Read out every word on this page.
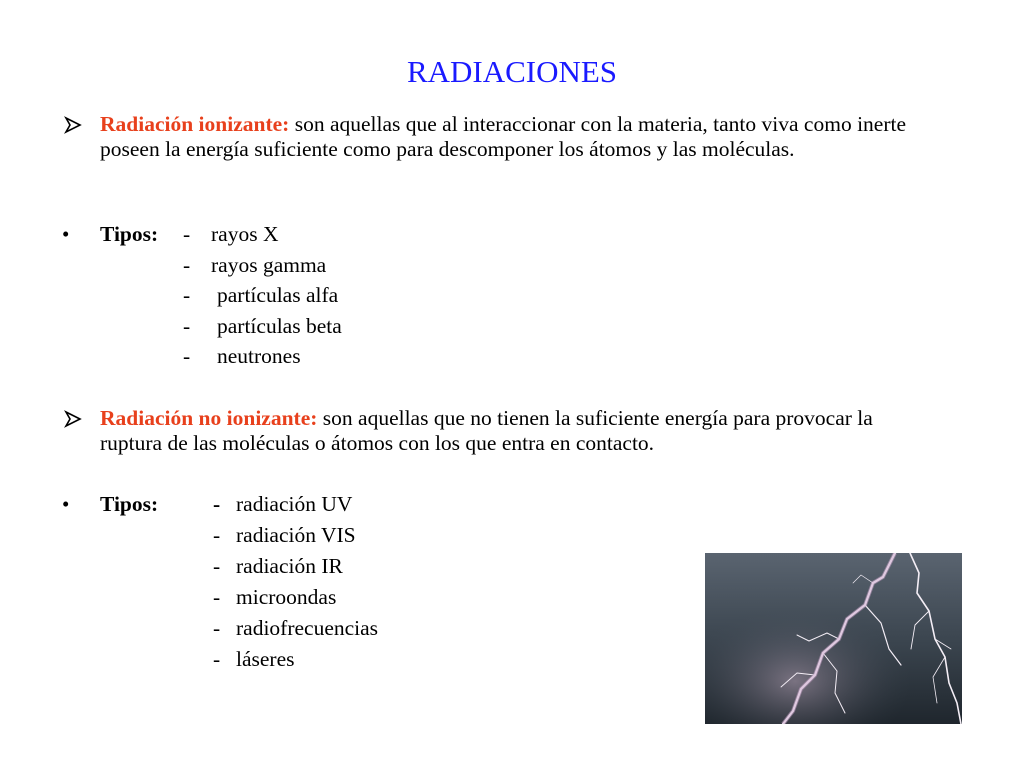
RADIACIONES
Radiación ionizante: son aquellas que al interaccionar con la materia, tanto viva como inerte poseen la energía suficiente como para descomponer los átomos y las moléculas.
• Tipos: - rayos X
- rayos gamma
- partículas alfa
- partículas beta
- neutrones
Radiación no ionizante: son aquellas que no tienen la suficiente energía para provocar la ruptura de las moléculas o átomos con los que entra en contacto.
• Tipos:	- radiación UV
- radiación VIS
- radiación IR
- microondas
- radiofrecuencias
- láseres
